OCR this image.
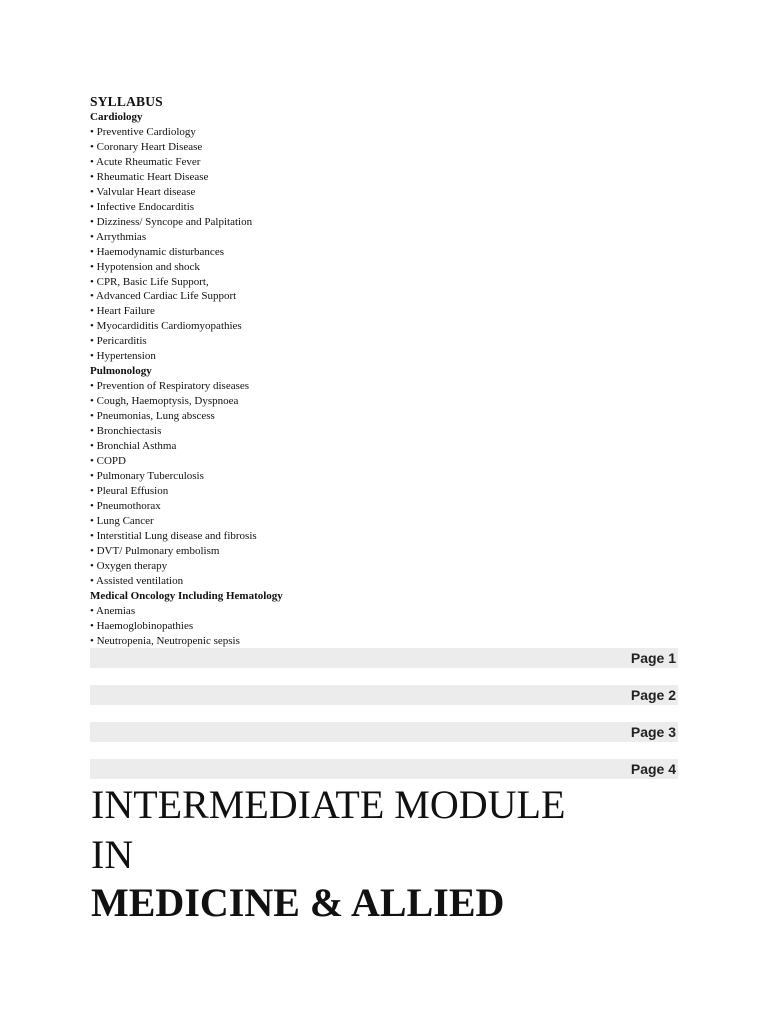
SYLLABUS
Cardiology
• Preventive Cardiology
• Coronary Heart Disease
• Acute Rheumatic Fever
• Rheumatic Heart Disease
• Valvular Heart disease
• Infective Endocarditis
• Dizziness/ Syncope and Palpitation
• Arrythmias
• Haemodynamic disturbances
• Hypotension and shock
• CPR, Basic Life Support,
• Advanced Cardiac Life Support
• Heart Failure
• Myocardiditis Cardiomyopathies
• Pericarditis
• Hypertension
Pulmonology
• Prevention of Respiratory diseases
• Cough, Haemoptysis, Dyspnoea
• Pneumonias, Lung abscess
• Bronchiectasis
• Bronchial Asthma
• COPD
• Pulmonary Tuberculosis
• Pleural Effusion
• Pneumothorax
• Lung Cancer
• Interstitial Lung disease and fibrosis
• DVT/ Pulmonary embolism
• Oxygen therapy
• Assisted ventilation
Medical Oncology Including Hematology
• Anemias
• Haemoglobinopathies
• Neutropenia, Neutropenic sepsis
Page 1
Page 2
Page 3
Page 4
INTERMEDIATE MODULE
IN
MEDICINE & ALLIED
